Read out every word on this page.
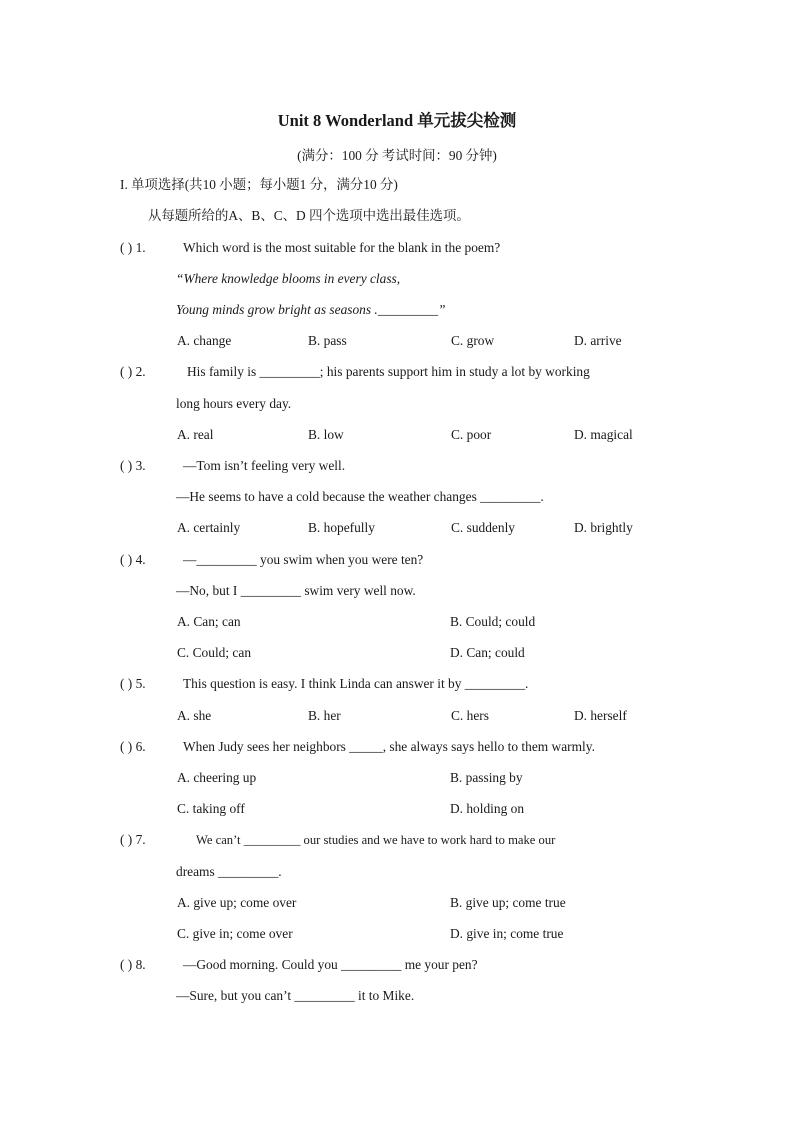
Unit 8 Wonderland 单元拔尖检测
(满分：100 分 考试时间：90 分钟)
I. 单项选择(共10 小题；每小题1 分，满分10 分)
从每题所给的A、B、C、D 四个选项中选出最佳选项。
( ) 1.	Which word is the most suitable for the blank in the poem?
“Where knowledge blooms in every class,
Young minds grow bright as seasons ._________”
A. change	B. pass	C. grow	D. arrive
( ) 2.	His family is _________; his parents support him in study a lot by working
long hours every day.
A. real	B. low	C. poor	D. magical
( ) 3.	—Tom isn’t feeling very well.
—He seems to have a cold because the weather changes _________.
A. certainly	B. hopefully	C. suddenly	D. brightly
( ) 4.	—_________ you swim when you were ten?
—No, but I _________ swim very well now.
A. Can; can	B. Could; could
C. Could; can	D. Can; could
( ) 5.	This question is easy. I think Linda can answer it by _________.
A. she	B. her	C. hers	D. herself
( ) 6.	When Judy sees her neighbors _____, she always says hello to them warmly.
A. cheering up	B. passing by
C. taking off	D. holding on
( ) 7.	We can’t _________ our studies and we have to work hard to make our
dreams _________.
A. give up; come over	B. give up; come true
C. give in; come over	D. give in; come true
( ) 8.	—Good morning. Could you _________ me your pen?
—Sure, but you can’t _________ it to Mike.
